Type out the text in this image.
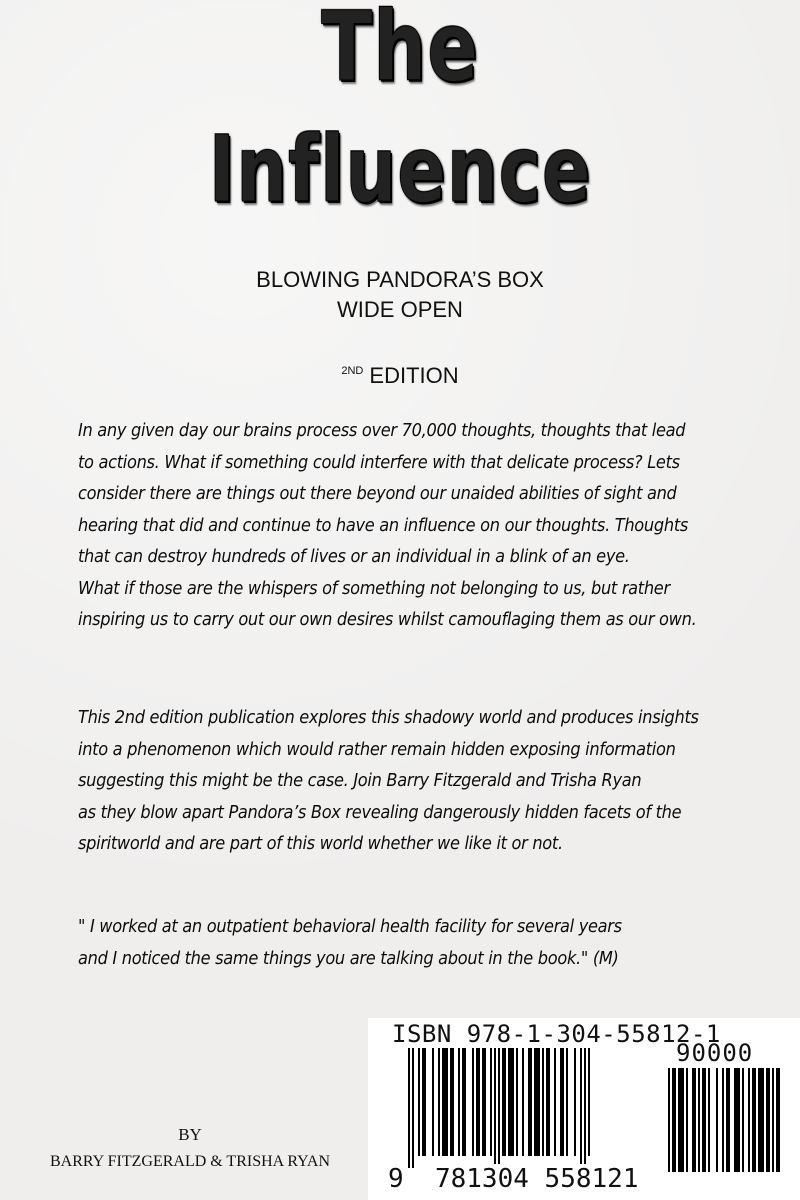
The
Influence
BLOWING PANDORA’S BOX
WIDE OPEN
$^{2ND}$ EDITION
In any given day our brains process over 70,000 thoughts, thoughts that lead
to actions. What if something could interfere with that delicate process? Lets
consider there are things out there beyond our unaided abilities of sight and
hearing that did and continue to have an influence on our thoughts. Thoughts
that can destroy hundreds of lives or an individual in a blink of an eye.
What if those are the whispers of something not belonging to us, but rather
inspiring us to carry out our own desires whilst camouflaging them as our own.
This 2nd edition publication explores this shadowy world and produces insights
into a phenomenon which would rather remain hidden exposing information
suggesting this might be the case. Join Barry Fitzgerald and Trisha Ryan
as they blow apart Pandora’s Box revealing dangerously hidden facets of the
spiritworld and are part of this world whether we like it or not.
" I worked at an outpatient behavioral health facility for several years
and I noticed the same things you are talking about in the book." (M)
BY
BARRY FITZGERALD & TRISHA RYAN
ISBN 978-1-304-55812-1
90000
9 781304 558121
